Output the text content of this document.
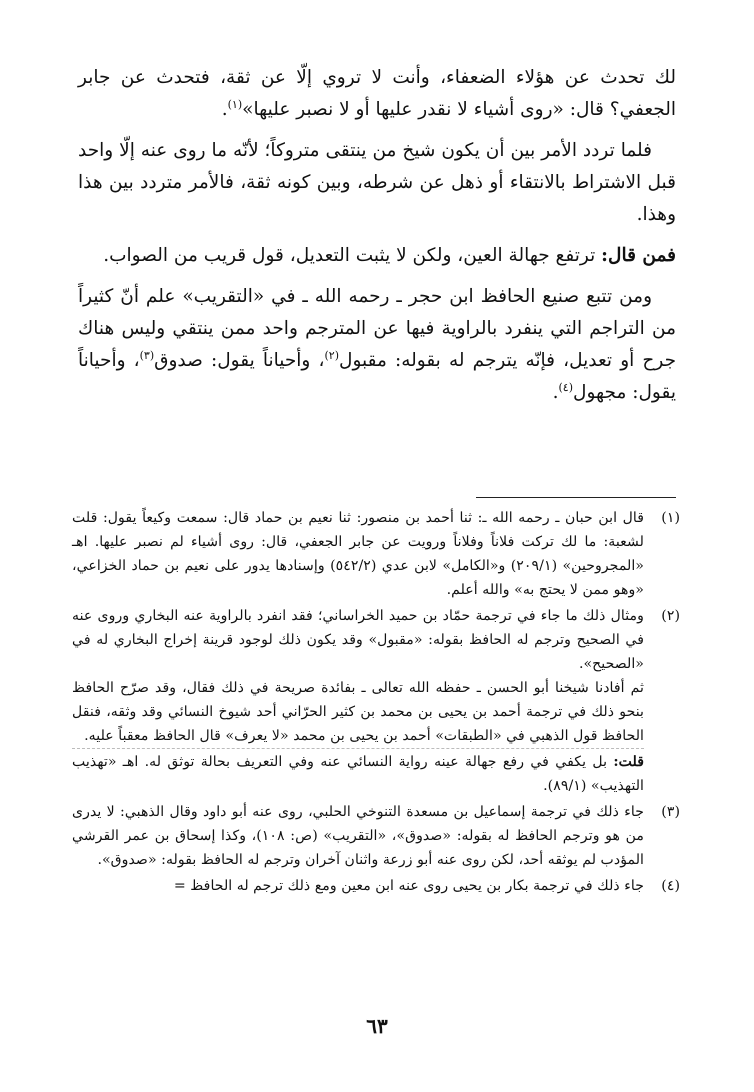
لك تحدث عن هؤلاء الضعفاء، وأنت لا تروي إلّا عن ثقة، فتحدث عن جابر الجعفي؟ قال: «روى أشياء لا نقدر عليها أو لا نصبر عليها»$^{(١)}$.

فلما تردد الأمر بين أن يكون شيخ من ينتقى متروكاً؛ لأنّه ما روى عنه إلّا واحد قبل الاشتراط بالانتقاء أو ذهل عن شرطه، وبين كونه ثقة، فالأمر متردد بين هذا وهذا.

فمن قال: ترتفع جهالة العين، ولكن لا يثبت التعديل، قول قريب من الصواب.

ومن تتبع صنيع الحافظ ابن حجر ـ رحمه الله ـ في «التقريب» علم أنّ كثيراً من التراجم التي ينفرد بالراوية فيها عن المترجم واحد ممن ينتقي وليس هناك جرح أو تعديل، فإنّه يترجم له بقوله: مقبول$^{(٢)}$، وأحياناً يقول: صدوق$^{(٣)}$، وأحياناً يقول: مجهول$^{(٤)}$.

(١)

قال ابن حبان ـ رحمه الله ـ: ثنا أحمد بن منصور: ثنا نعيم بن حماد قال: سمعت وكيعاً يقول: قلت لشعبة: ما لك تركت فلاناً وفلاناً ورويت عن جابر الجعفي، قال: روى أشياء لم نصبر عليها. اهـ «المجروحين» (٢٠٩/١) و«الكامل» لابن عدي (٥٤٢/٢) وإسنادها يدور على نعيم بن حماد الخزاعي، «وهو ممن لا يحتج به» والله أعلم.

(٢)

ومثال ذلك ما جاء في ترجمة حمّاد بن حميد الخراساني؛ فقد انفرد بالراوية عنه البخاري وروى عنه في الصحيح وترجم له الحافظ بقوله: «مقبول» وقد يكون ذلك لوجود قرينة إخراج البخاري له في «الصحيح».

ثم أفادنا شيخنا أبو الحسن ـ حفظه الله تعالى ـ بفائدة صريحة في ذلك فقال، وقد صرّح الحافظ بنحو ذلك في ترجمة أحمد بن يحيى بن محمد بن كثير الحرّاني أحد شيوخ النسائي وقد وثقه، فنقل الحافظ قول الذهبي في «الطبقات» أحمد بن يحيى بن محمد «لا يعرف» قال الحافظ معقباً عليه.

قلت: بل يكفي في رفع جهالة عينه رواية النسائي عنه وفي التعريف بحالة توثق له. اهـ «تهذيب التهذيب» (٨٩/١).

(٣)

جاء ذلك في ترجمة إسماعيل بن مسعدة التنوخي الحلبي، روى عنه أبو داود وقال الذهبي: لا يدرى من هو وترجم الحافظ له بقوله: «صدوق»، «التقريب» (ص: ١٠٨)، وكذا إسحاق بن عمر القرشي المؤدب لم يوثقه أحد، لكن روى عنه أبو زرعة واثنان آخران وترجم له الحافظ بقوله: «صدوق».

(٤)

جاء ذلك في ترجمة بكار بن يحيى روى عنه ابن معين ومع ذلك ترجم له الحافظ =

٦٣
